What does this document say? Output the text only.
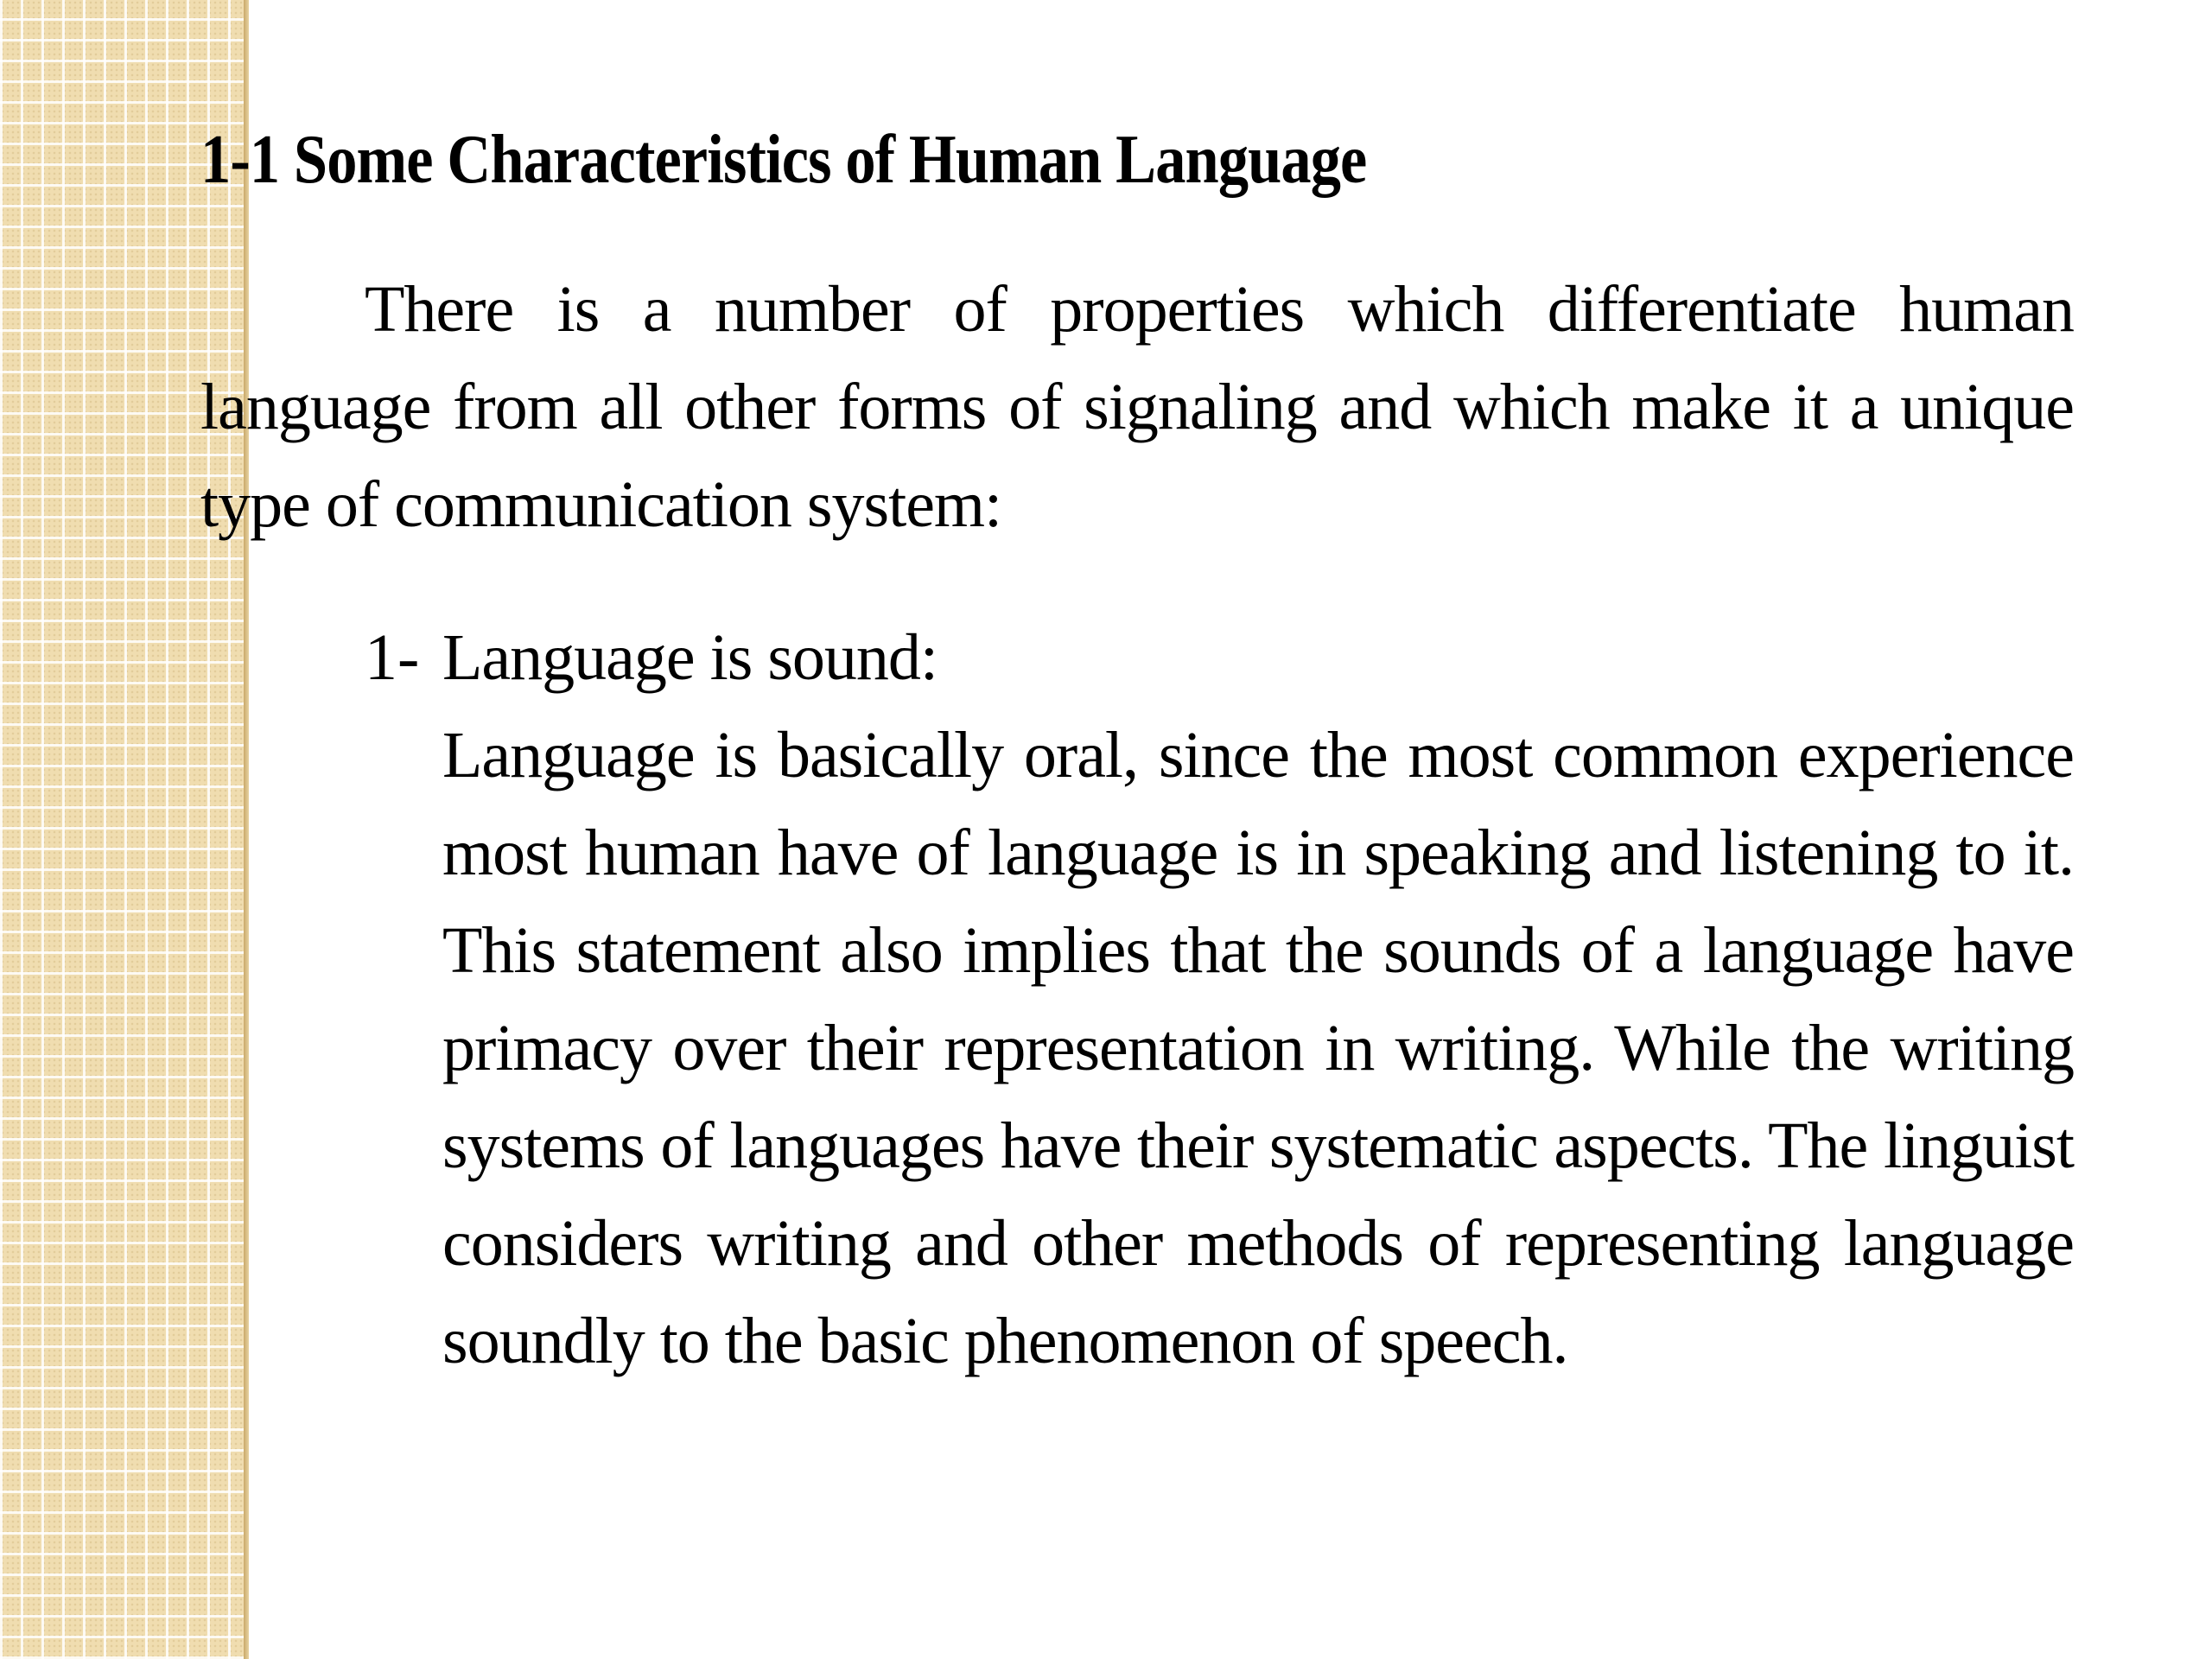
1-1 Some Characteristics of Human Language

There is a number of properties which differentiate human language from all other forms of signaling and which make it a unique type of communication system:

1- Language is sound:

Language is basically oral, since the most common experience most human have of language is in speaking and listening to it. This statement also implies that the sounds of a language have primacy over their representation in writing. While the writing systems of languages have their systematic aspects. The linguist considers writing and other methods of representing language soundly to the basic phenomenon of speech.
